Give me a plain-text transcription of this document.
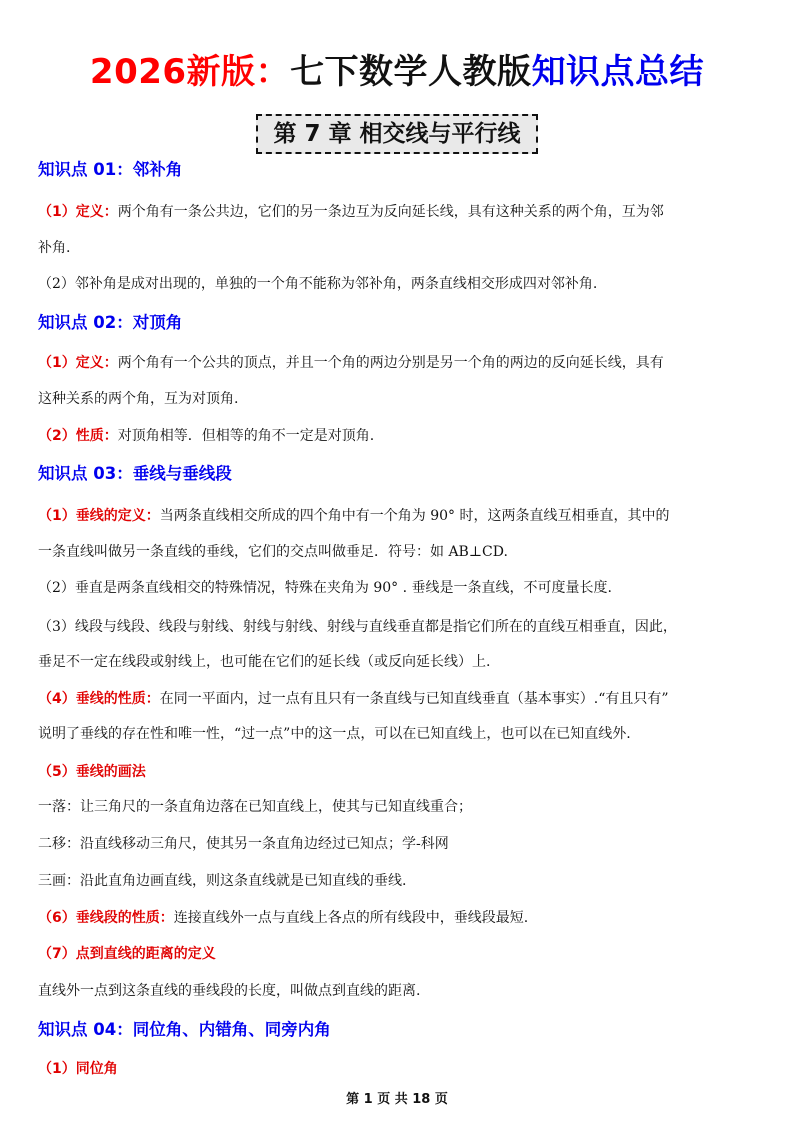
2026新版：七下数学人教版知识点总结
第 7 章 相交线与平行线
知识点 01：邻补角
（1）定义：两个角有一条公共边，它们的另一条边互为反向延长线，具有这种关系的两个角，互为邻
补角.
（2）邻补角是成对出现的，单独的一个角不能称为邻补角，两条直线相交形成四对邻补角.
知识点 02：对顶角
（1）定义：两个角有一个公共的顶点，并且一个角的两边分别是另一个角的两边的反向延长线，具有
这种关系的两个角，互为对顶角.
（2）性质：对顶角相等．但相等的角不一定是对顶角.
知识点 03：垂线与垂线段
（1）垂线的定义：当两条直线相交所成的四个角中有一个角为 90° 时，这两条直线互相垂直，其中的
一条直线叫做另一条直线的垂线，它们的交点叫做垂足．符号：如 AB⊥CD.
（2）垂直是两条直线相交的特殊情况，特殊在夹角为 90° . 垂线是一条直线，不可度量长度.
（3）线段与线段、线段与射线、射线与射线、射线与直线垂直都是指它们所在的直线互相垂直，因此，
垂足不一定在线段或射线上，也可能在它们的延长线（或反向延长线）上.
（4）垂线的性质：在同一平面内，过一点有且只有一条直线与已知直线垂直（基本事实）.“有且只有”
说明了垂线的存在性和唯一性，“过一点”中的这一点，可以在已知直线上，也可以在已知直线外.
（5）垂线的画法
一落：让三角尺的一条直角边落在已知直线上，使其与已知直线重合；
二移：沿直线移动三角尺，使其另一条直角边经过已知点；学-科网
三画：沿此直角边画直线，则这条直线就是已知直线的垂线.
（6）垂线段的性质：连接直线外一点与直线上各点的所有线段中，垂线段最短.
（7）点到直线的距离的定义
直线外一点到这条直线的垂线段的长度，叫做点到直线的距离.
知识点 04：同位角、内错角、同旁内角
（1）同位角
第 1 页 共 18 页
